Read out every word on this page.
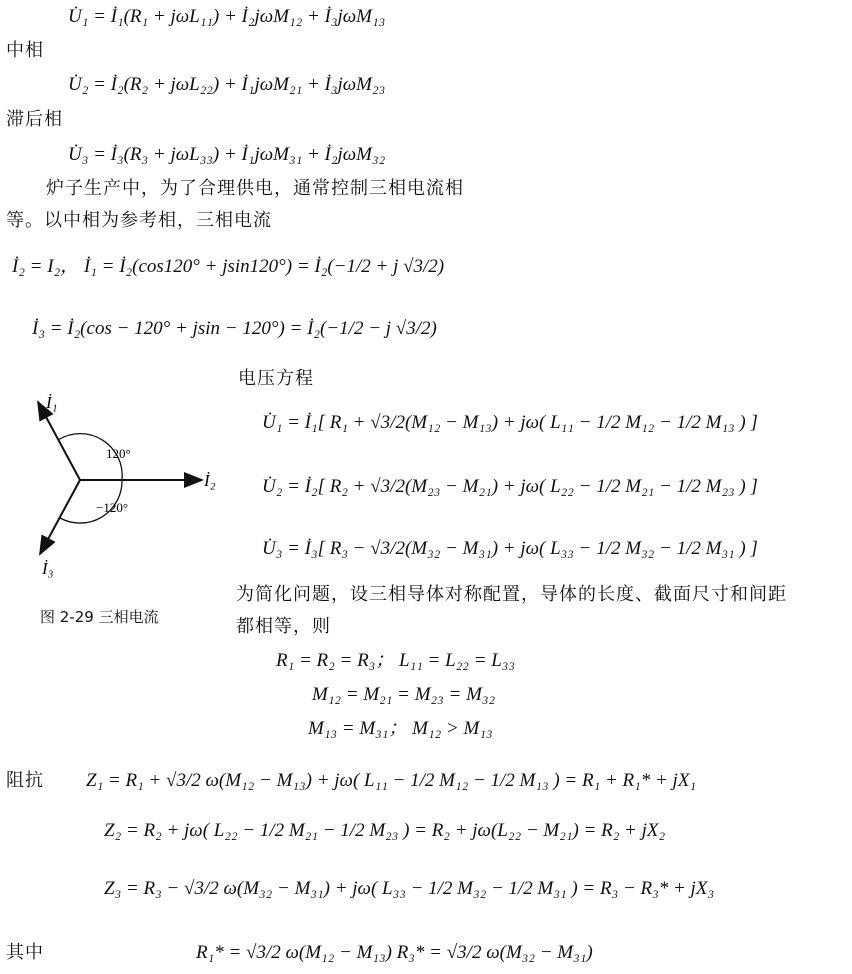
U̇₁ = İ₁(R₁ + jωL₁₁) + İ₂jωM₁₂ + İ₃jωM₁₃
中相
U̇₂ = İ₂(R₂ + jωL₂₂) + İ₁jωM₂₁ + İ₃jωM₂₃
滞后相
U̇₃ = İ₃(R₃ + jωL₃₃) + İ₁jωM₃₁ + İ₂jωM₃₂
炉子生产中，为了合理供电，通常控制三相电流相
等。以中相为参考相，三相电流
İ₂ = I₂， İ₁ = İ₂(cos120° + jsin120°) = İ₂(−1/2 + j √3/2)
İ₃ = İ₂(cos − 120° + jsin − 120°) = İ₂(−1/2 − j √3/2)
电压方程
U̇₁ = İ₁[ R₁ + √3/2(M₁₂ − M₁₃) + jω( L₁₁ − 1/2 M₁₂ − 1/2 M₁₃ ) ]
U̇₂ = İ₂[ R₂ + √3/2(M₂₃ − M₂₁) + jω( L₂₂ − 1/2 M₂₁ − 1/2 M₂₃ ) ]
U̇₃ = İ₃[ R₃ − √3/2(M₃₂ − M₃₁) + jω( L₃₃ − 1/2 M₃₂ − 1/2 M₃₁ ) ]
İ₁
İ₂
İ₃
120°
−120°
图 2-29 三相电流
为简化问题，设三相导体对称配置，导体的长度、截面尺寸和间距
都相等，则
R₁ = R₂ = R₃； L₁₁ = L₂₂ = L₃₃
M₁₂ = M₂₁ = M₂₃ = M₃₂
M₁₃ = M₃₁； M₁₂ > M₁₃
阻抗 Z₁ = R₁ + √3/2 ω(M₁₂ − M₁₃) + jω( L₁₁ − 1/2 M₁₂ − 1/2 M₁₃ ) = R₁ + R₁* + jX₁
Z₂ = R₂ + jω( L₂₂ − 1/2 M₂₁ − 1/2 M₂₃ ) = R₂ + jω(L₂₂ − M₂₁) = R₂ + jX₂
Z₃ = R₃ − √3/2 ω(M₃₂ − M₃₁) + jω( L₃₃ − 1/2 M₃₂ − 1/2 M₃₁ ) = R₃ − R₃* + jX₃
其中	R₁* = √3/2 ω(M₁₂ − M₁₃) R₃* = √3/2 ω(M₃₂ − M₃₁)
